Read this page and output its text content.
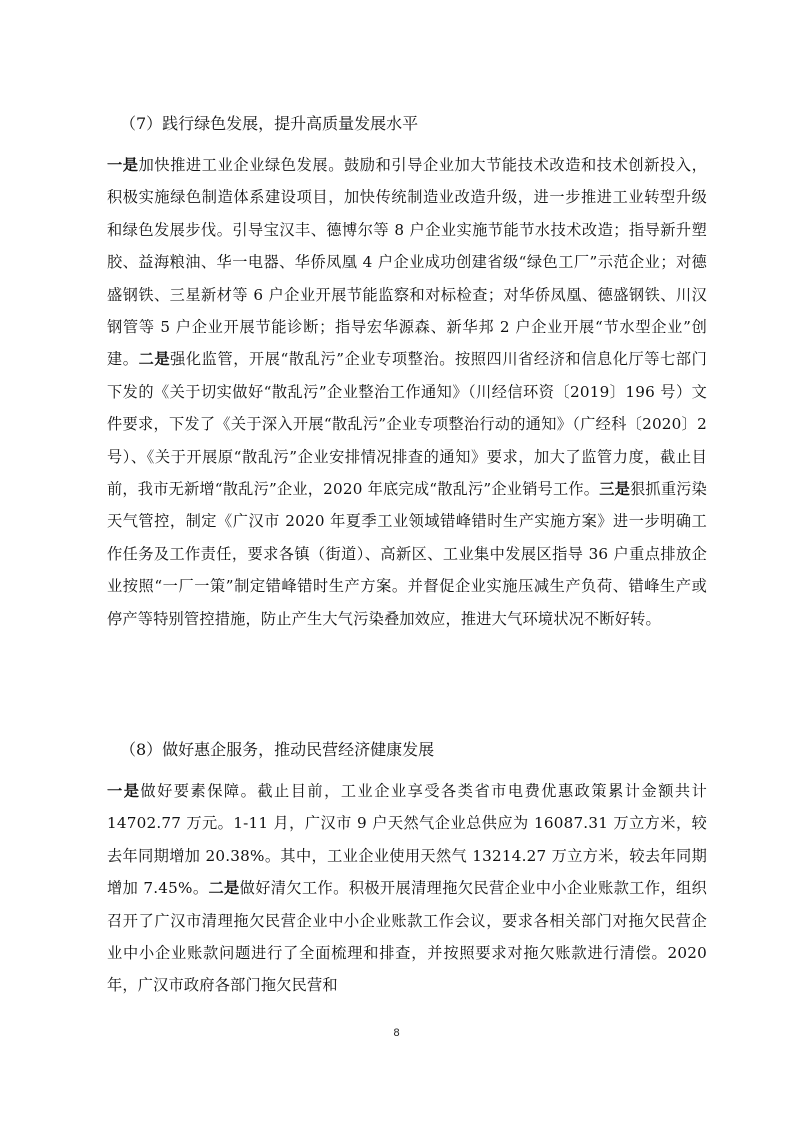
（7）践行绿色发展，提升高质量发展水平
一是加快推进工业企业绿色发展。鼓励和引导企业加大节能技术改造和技术创新投入，积极实施绿色制造体系建设项目，加快传统制造业改造升级，进一步推进工业转型升级和绿色发展步伐。引导宝汉丰、德博尔等 8 户企业实施节能节水技术改造；指导新升塑胶、益海粮油、华一电器、华侨凤凰 4 户企业成功创建省级“绿色工厂”示范企业；对德盛钢铁、三星新材等 6 户企业开展节能监察和对标检查；对华侨凤凰、德盛钢铁、川汉钢管等 5 户企业开展节能诊断；指导宏华源森、新华邦 2 户企业开展“节水型企业”创建。二是强化监管，开展“散乱污”企业专项整治。按照四川省经济和信息化厅等七部门下发的《关于切实做好“散乱污”企业整治工作通知》（川经信环资〔2019〕196 号）文件要求，下发了《关于深入开展“散乱污”企业专项整治行动的通知》（广经科〔2020〕2 号）、《关于开展原“散乱污”企业安排情况排查的通知》要求，加大了监管力度，截止目前，我市无新增“散乱污”企业，2020 年底完成“散乱污”企业销号工作。三是狠抓重污染天气管控，制定《广汉市 2020 年夏季工业领域错峰错时生产实施方案》进一步明确工作任务及工作责任，要求各镇（街道）、高新区、工业集中发展区指导 36 户重点排放企业按照“一厂一策”制定错峰错时生产方案。并督促企业实施压减生产负荷、错峰生产或停产等特别管控措施，防止产生大气污染叠加效应，推进大气环境状况不断好转。
（8）做好惠企服务，推动民营经济健康发展
一是做好要素保障。截止目前，工业企业享受各类省市电费优惠政策累计金额共计 14702.77 万元。1-11 月，广汉市 9 户天然气企业总供应为 16087.31 万立方米，较去年同期增加 20.38%。其中，工业企业使用天然气 13214.27 万立方米，较去年同期增加 7.45%。二是做好清欠工作。积极开展清理拖欠民营企业中小企业账款工作，组织召开了广汉市清理拖欠民营企业中小企业账款工作会议，要求各相关部门对拖欠民营企业中小企业账款问题进行了全面梳理和排查，并按照要求对拖欠账款进行清偿。2020 年，广汉市政府各部门拖欠民营和
8
